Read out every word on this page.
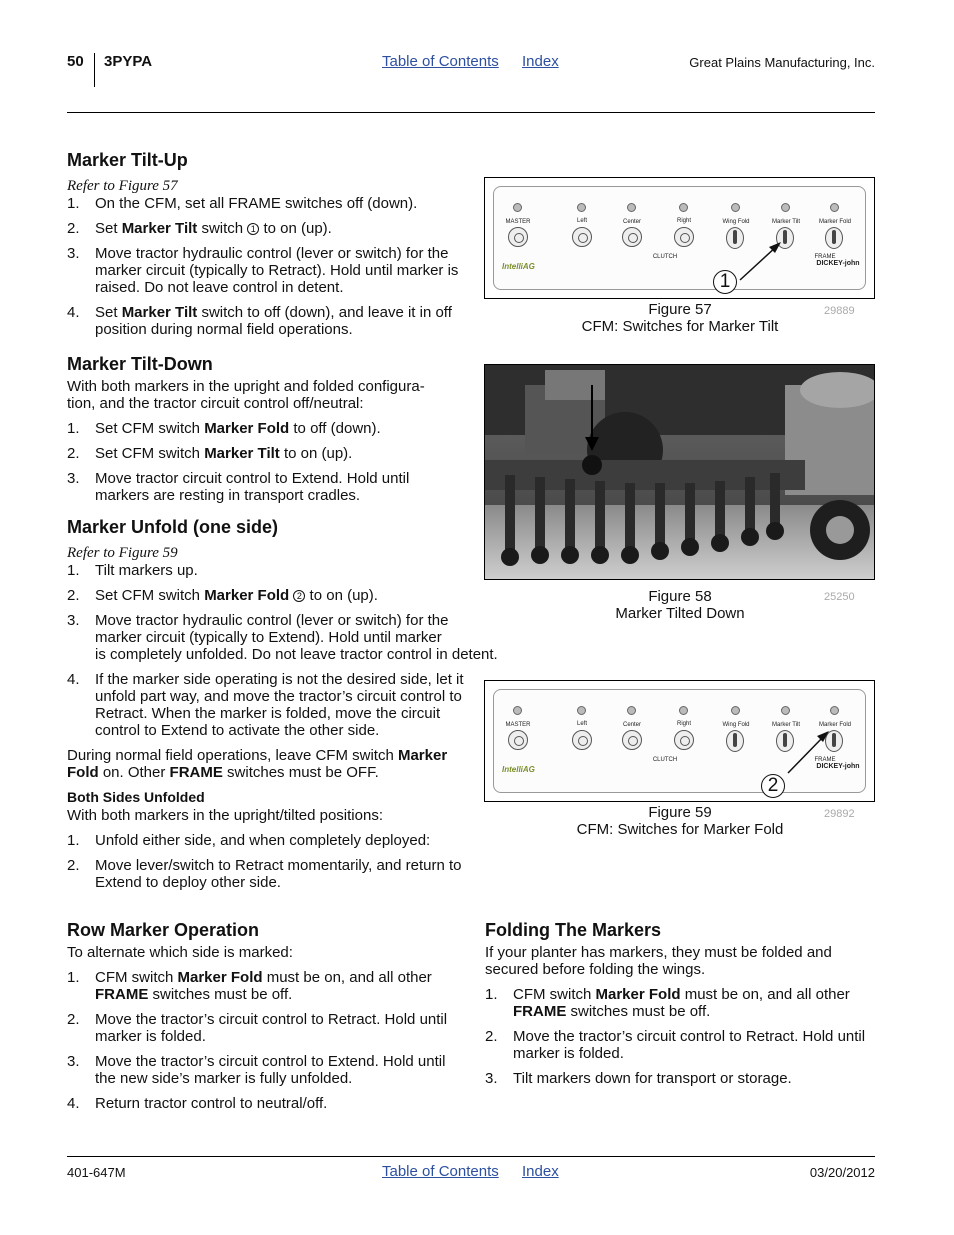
50 3PYPA	Table of Contents Index	Great Plains Manufacturing, Inc.
Marker Tilt-Up
Refer to Figure 57
1. On the CFM, set all FRAME switches off (down).
2. Set Marker Tilt switch 1 to on (up).
3. Move tractor hydraulic control (lever or switch) for the marker circuit (typically to Retract). Hold until marker is raised. Do not leave control in detent.
4. Set Marker Tilt switch to off (down), and leave it in off position during normal field operations.
Marker Tilt-Down
With both markers in the upright and folded configura-tion, and the tractor circuit control off/neutral:
1. Set CFM switch Marker Fold to off (down).
2. Set CFM switch Marker Tilt to on (up).
3. Move tractor circuit control to Extend. Hold until markers are resting in transport cradles.
Marker Unfold (one side)
Refer to Figure 59
1. Tilt markers up.
2. Set CFM switch Marker Fold 2 to on (up).
3. Move tractor hydraulic control (lever or switch) for the marker circuit (typically to Extend). Hold until marker
is completely unfolded. Do not leave tractor control in detent.
4. If the marker side operating is not the desired side, let it unfold part way, and move the tractor’s circuit control to Retract. When the marker is folded, move the circuit control to Extend to activate the other side.
During normal field operations, leave CFM switch Marker Fold on. Other FRAME switches must be OFF.
Both Sides Unfolded
With both markers in the upright/tilted positions:
1. Unfold either side, and when completely deployed:
2. Move lever/switch to Retract momentarily, and return to Extend to deploy other side.
Row Marker Operation
To alternate which side is marked:
1. CFM switch Marker Fold must be on, and all other FRAME switches must be off.
2. Move the tractor’s circuit control to Retract. Hold until marker is folded.
3. Move the tractor’s circuit control to Extend. Hold until the new side’s marker is fully unfolded.
4. Return tractor control to neutral/off.
Folding The Markers
If your planter has markers, they must be folded and secured before folding the wings.
1. CFM switch Marker Fold must be on, and all other FRAME switches must be off.
2. Move the tractor’s circuit control to Retract. Hold until marker is folded.
3. Tilt markers down for transport or storage.
MASTER	Left	Center	Right
CLUTCH
Wing Fold	Marker Tilt	Marker Fold
FRAME
IntelliAG	DICKEY-john
1
Figure 57
CFM: Switches for Marker Tilt
29889
Figure 58
Marker Tilted Down
25250
MASTER	Left	Center	Right
CLUTCH
Wing Fold	Marker Tilt	Marker Fold
FRAME
IntelliAG	DICKEY-john
2
Figure 59
CFM: Switches for Marker Fold
29892
401-647M	Table of Contents Index	03/20/2012
